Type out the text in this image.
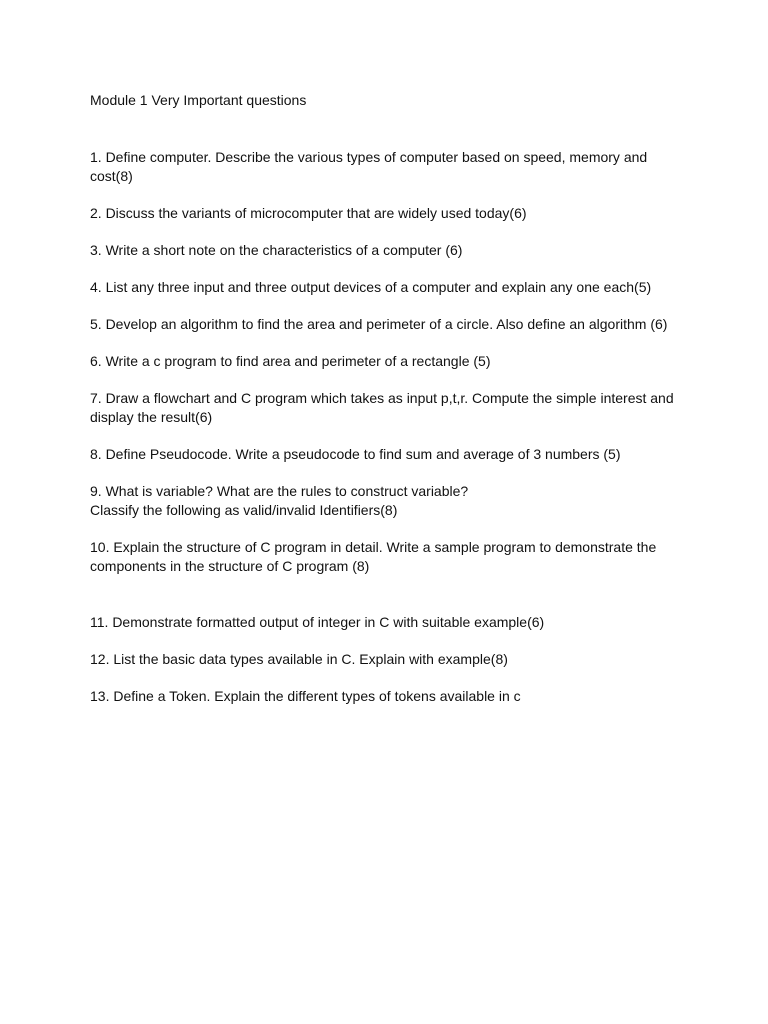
Module 1 Very Important questions
1. Define computer. Describe the various types of computer based on speed, memory and
cost(8)
2. Discuss the variants of microcomputer that are widely used today(6)
3. Write a short note on the characteristics of a computer (6)
4. List any three input and three output devices of a computer and explain any one each(5)
5. Develop an algorithm to find the area and perimeter of a circle. Also define an algorithm (6)
6. Write a c program to find area and perimeter of a rectangle (5)
7. Draw a flowchart and C program which takes as input p,t,r. Compute the simple interest and
display the result(6)
8. Define Pseudocode. Write a pseudocode to find sum and average of 3 numbers (5)
9. What is variable? What are the rules to construct variable?
Classify the following as valid/invalid Identifiers(8)
10. Explain the structure of C program in detail. Write a sample program to demonstrate the
components in the structure of C program (8)
11. Demonstrate formatted output of integer in C with suitable example(6)
12. List the basic data types available in C. Explain with example(8)
13. Define a Token. Explain the different types of tokens available in c
